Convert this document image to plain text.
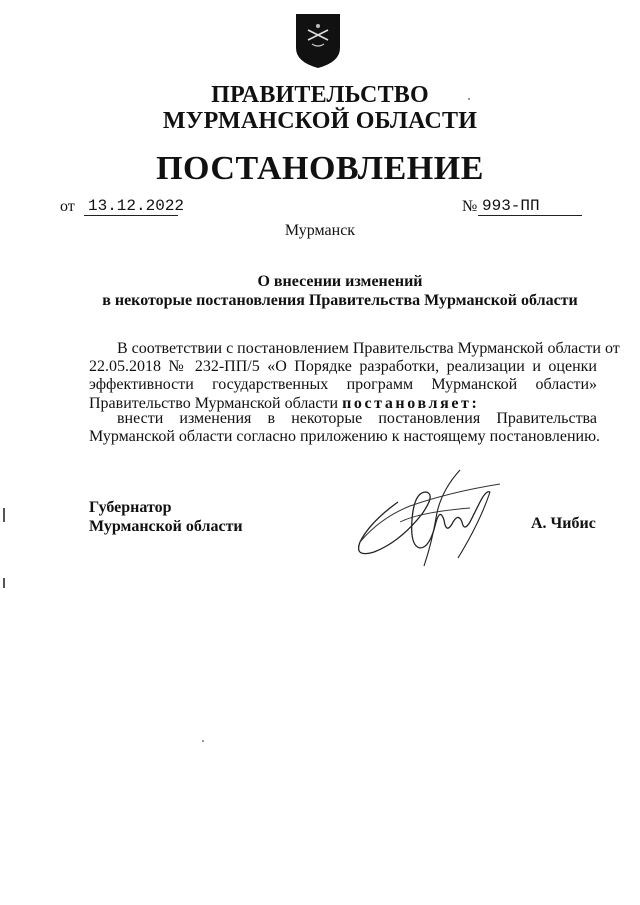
ПРАВИТЕЛЬСТВО
МУРМАНСКОЙ ОБЛАСТИ
ПОСТАНОВЛЕНИЕ
от 13.12.2022	№ 993-ПП
Мурманск
О внесении изменений
в некоторые постановления Правительства Мурманской области
В соответствии с постановлением Правительства Мурманской области от
22.05.2018 № 232-ПП/5 «О Порядке разработки, реализации и оценки
эффективности государственных программ Мурманской области»
Правительство Мурманской области постановляет:
внести изменения в некоторые постановления Правительства
Мурманской области согласно приложению к настоящему постановлению.
Губернатор
Мурманской области	А. Чибис
